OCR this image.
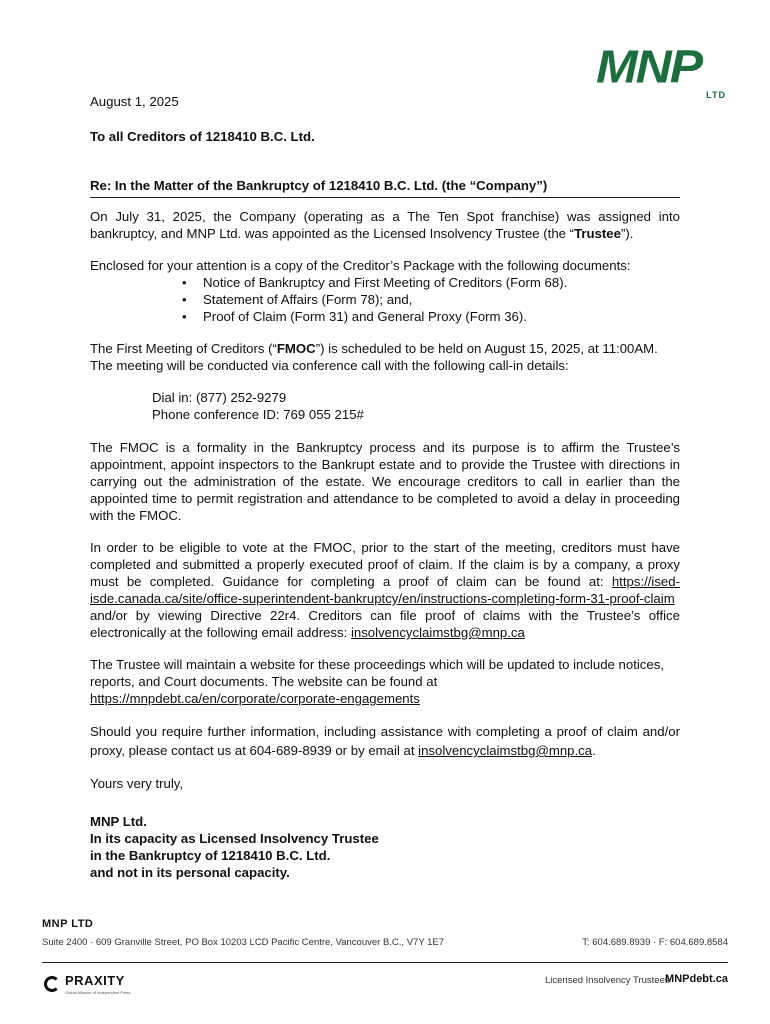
MNP
LTD

August 1, 2025

To all Creditors of 1218410 B.C. Ltd.

Re: In the Matter of the Bankruptcy of 1218410 B.C. Ltd. (the “Company”)

On July 31, 2025, the Company (operating as a The Ten Spot franchise) was assigned into bankruptcy, and MNP Ltd. was appointed as the Licensed Insolvency Trustee (the “Trustee”).

Enclosed for your attention is a copy of the Creditor’s Package with the following documents:

• Notice of Bankruptcy and First Meeting of Creditors (Form 68).
• Statement of Affairs (Form 78); and,
• Proof of Claim (Form 31) and General Proxy (Form 36).

The First Meeting of Creditors (“FMOC”) is scheduled to be held on August 15, 2025, at 11:00AM. The meeting will be conducted via conference call with the following call-in details:

Dial in: (877) 252-9279
Phone conference ID: 769 055 215#

The FMOC is a formality in the Bankruptcy process and its purpose is to affirm the Trustee’s appointment, appoint inspectors to the Bankrupt estate and to provide the Trustee with directions in carrying out the administration of the estate. We encourage creditors to call in earlier than the appointed time to permit registration and attendance to be completed to avoid a delay in proceeding with the FMOC.

In order to be eligible to vote at the FMOC, prior to the start of the meeting, creditors must have completed and submitted a properly executed proof of claim. If the claim is by a company, a proxy must be completed. Guidance for completing a proof of claim can be found at: https://ised-isde.canada.ca/site/office-superintendent-bankruptcy/en/instructions-completing-form-31-proof-claim and/or by viewing Directive 22r4. Creditors can file proof of claims with the Trustee’s office electronically at the following email address: insolvencyclaimstbg@mnp.ca

The Trustee will maintain a website for these proceedings which will be updated to include notices, reports, and Court documents. The website can be found at
https://mnpdebt.ca/en/corporate/corporate-engagements

Should you require further information, including assistance with completing a proof of claim and/or proxy, please contact us at 604-689-8939 or by email at insolvencyclaimstbg@mnp.ca.

Yours very truly,

MNP Ltd.
In its capacity as Licensed Insolvency Trustee
in the Bankruptcy of 1218410 B.C. Ltd.
and not in its personal capacity.

MNP LTD
Suite 2400 · 609 Granville Street, PO Box 10203 LCD Pacific Centre, Vancouver B.C., V7Y 1E7	T: 604.689.8939 · F: 604.689.8584
PRAXITY
Global Alliance of Independent Firms
Licensed Insolvency Trustees
MNPdebt.ca
